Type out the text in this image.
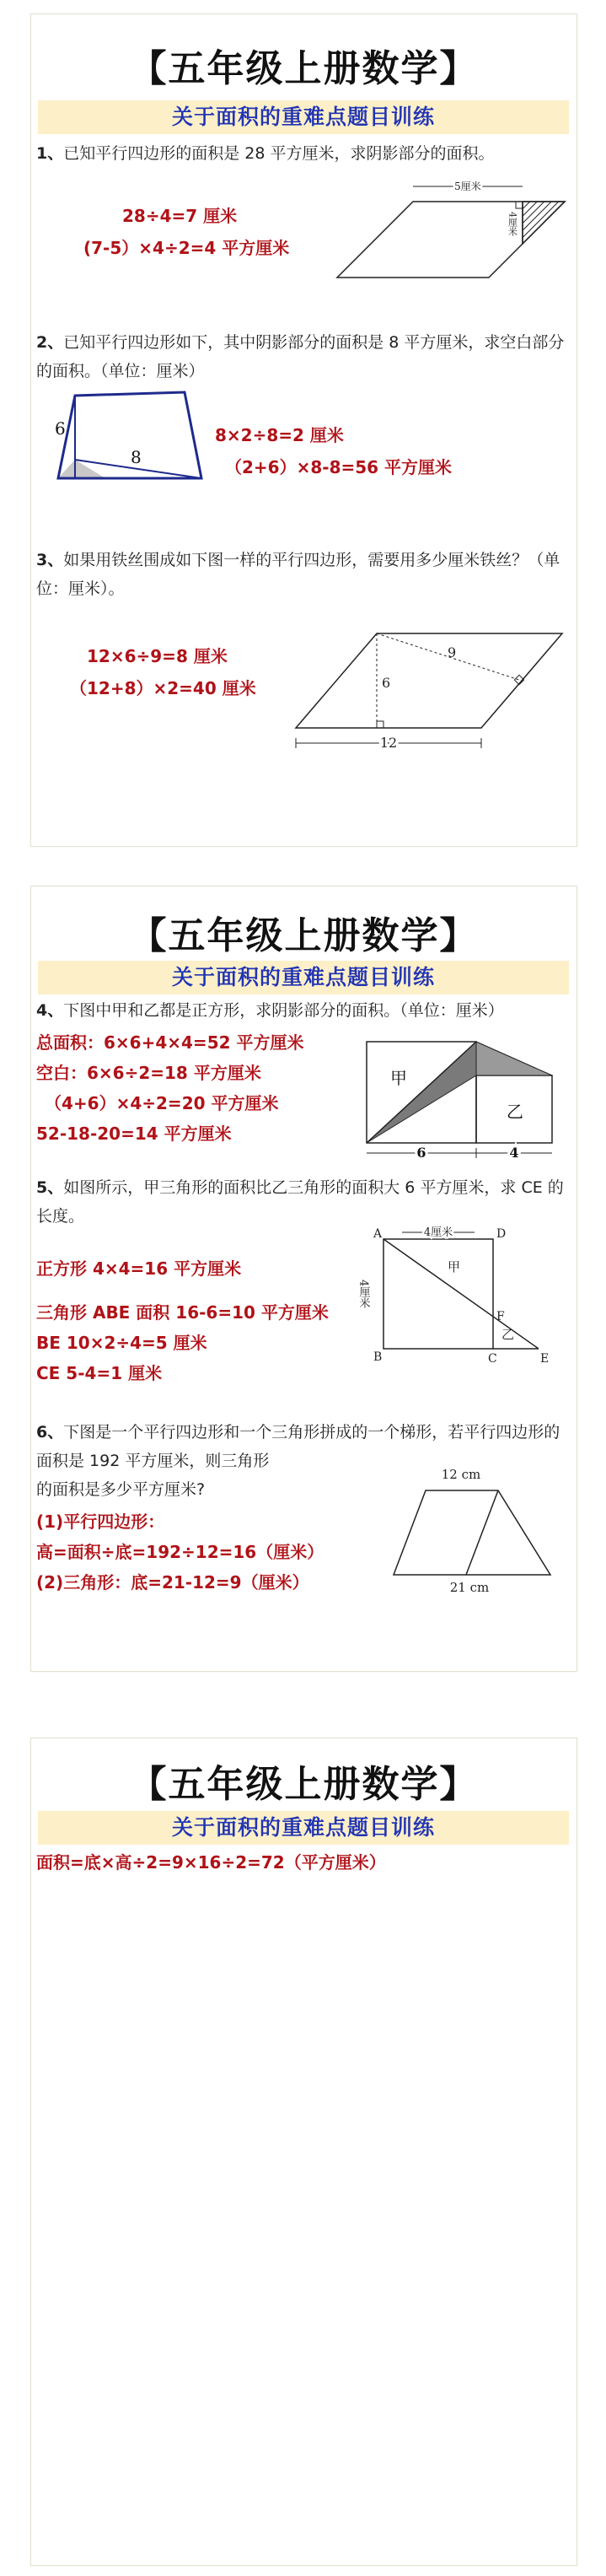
【五年级上册数学】
关于面积的重难点题目训练
1、已知平行四边形的面积是 28 平方厘米，求阴影部分的面积。
28÷4=7 厘米
(7-5）×4÷2=4 平方厘米
5厘米
4厘米
2、已知平行四边形如下，其中阴影部分的面积是 8 平方厘米，求空白部分的面积。（单位：厘米）
6
8
8×2÷8=2 厘米
（2+6）×8-8=56 平方厘米
3、如果用铁丝围成如下图一样的平行四边形，需要用多少厘米铁丝？（单位：厘米）。
12×6÷9=8 厘米
（12+8）×2=40 厘米
9
6
12
【五年级上册数学】
关于面积的重难点题目训练
4、下图中甲和乙都是正方形，求阴影部分的面积。（单位：厘米）
总面积：6×6+4×4=52 平方厘米
空白：6×6÷2=18 平方厘米
（4+6）×4÷2=20 平方厘米
52-18-20=14 平方厘米
甲
乙
6	4
5、如图所示，甲三角形的面积比乙三角形的面积大 6 平方厘米，求 CE 的长度。
正方形 4×4=16 平方厘米
三角形 ABE 面积 16-6=10 平方厘米
BE 10×2÷4=5 厘米
CE 5-4=1 厘米
4厘米
4厘米
A
B	C
D
E
F
甲
乙
6、下图是一个平行四边形和一个三角形拼成的一个梯形，若平行四边形的面积是 192 平方厘米，则三角形
的面积是多少平方厘米?
(1)平行四边形：
高=面积÷底=192÷12=16（厘米）
(2)三角形：底=21-12=9（厘米）
12 cm
21 cm
【五年级上册数学】
关于面积的重难点题目训练
面积=底×高÷2=9×16÷2=72（平方厘米）
